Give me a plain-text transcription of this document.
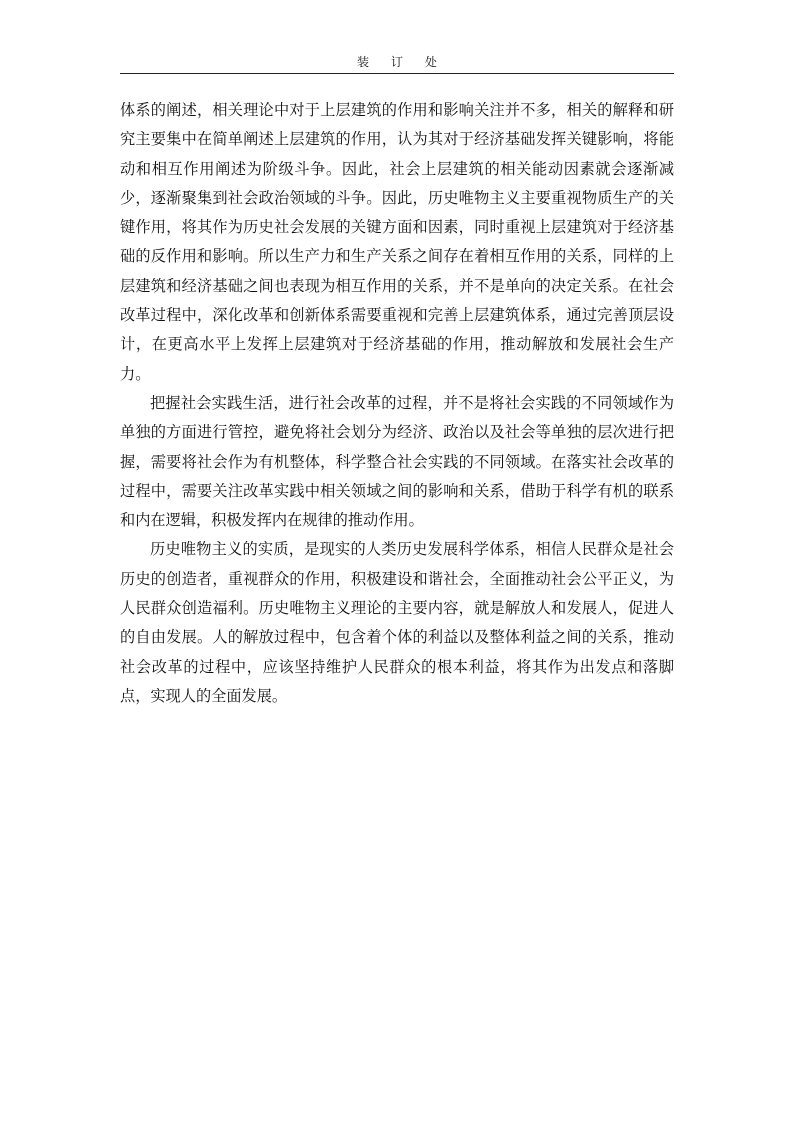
装订处

体系的阐述，相关理论中对于上层建筑的作用和影响关注并不多，相关的解释和研究主要集中在简单阐述上层建筑的作用，认为其对于经济基础发挥关键影响，将能动和相互作用阐述为阶级斗争。因此，社会上层建筑的相关能动因素就会逐渐减少，逐渐聚集到社会政治领域的斗争。因此，历史唯物主义主要重视物质生产的关键作用，将其作为历史社会发展的关键方面和因素，同时重视上层建筑对于经济基础的反作用和影响。所以生产力和生产关系之间存在着相互作用的关系，同样的上层建筑和经济基础之间也表现为相互作用的关系，并不是单向的决定关系。在社会改革过程中，深化改革和创新体系需要重视和完善上层建筑体系，通过完善顶层设计，在更高水平上发挥上层建筑对于经济基础的作用，推动解放和发展社会生产力。

把握社会实践生活，进行社会改革的过程，并不是将社会实践的不同领域作为单独的方面进行管控，避免将社会划分为经济、政治以及社会等单独的层次进行把握，需要将社会作为有机整体，科学整合社会实践的不同领域。在落实社会改革的过程中，需要关注改革实践中相关领域之间的影响和关系，借助于科学有机的联系和内在逻辑，积极发挥内在规律的推动作用。

历史唯物主义的实质，是现实的人类历史发展科学体系，相信人民群众是社会历史的创造者，重视群众的作用，积极建设和谐社会，全面推动社会公平正义，为人民群众创造福利。历史唯物主义理论的主要内容，就是解放人和发展人，促进人的自由发展。人的解放过程中，包含着个体的利益以及整体利益之间的关系，推动社会改革的过程中，应该坚持维护人民群众的根本利益，将其作为出发点和落脚点，实现人的全面发展。
